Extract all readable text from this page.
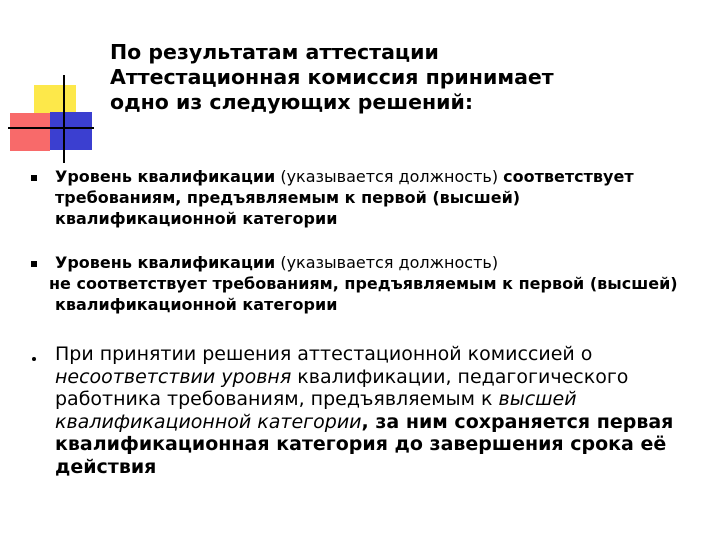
По результатам аттестации
Аттестационная комиссия принимает
одно из следующих решений:
Уровень квалификации (указывается должность) соответствует требованиям, предъявляемым к первой (высшей) квалификационной категории
Уровень квалификации (указывается должность)
не соответствует требованиям, предъявляемым к первой (высшей) квалификационной категории
При принятии решения аттестационной комиссией о несоответствии уровня квалификации, педагогического работника требованиям, предъявляемым к высшей квалификационной категории, за ним сохраняется первая квалификационная категория до завершения срока её действия
